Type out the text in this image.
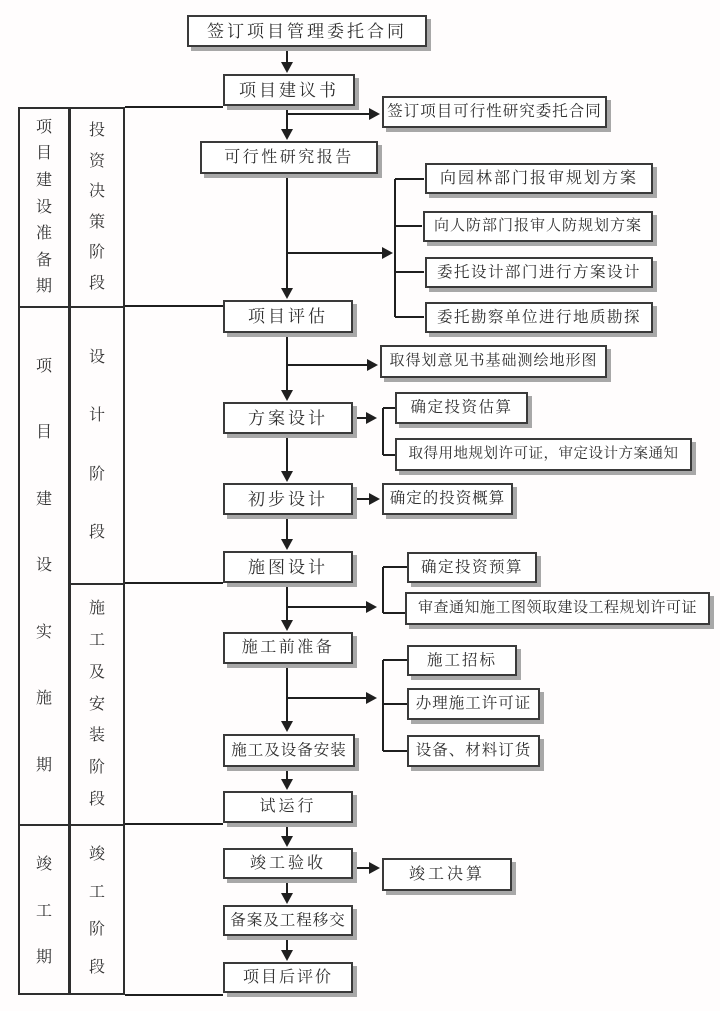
项
目
建
设
准
备
期
项
目
建
设
实
施
期
竣
工
期
投
资
决
策
阶
段
设
计
阶
段
施
工
及
安
装
阶
段
竣
工
阶
段
签订项目管理委托合同
项目建议书
签订项目可行性研究委托合同
可行性研究报告
向园林部门报审规划方案
向人防部门报审人防规划方案
委托设计部门进行方案设计
委托勘察单位进行地质勘探
项目评估
取得划意见书基础测绘地形图
方案设计
确定投资估算
取得用地规划许可证，审定设计方案通知
初步设计	确定的投资概算
施图设计	确定投资预算
审查通知施工图领取建设工程规划许可证
施工前准备
施工招标
办理施工许可证
设备、材料订货
施工及设备安装
试运行
竣工验收
竣工决算
备案及工程移交
项目后评价
